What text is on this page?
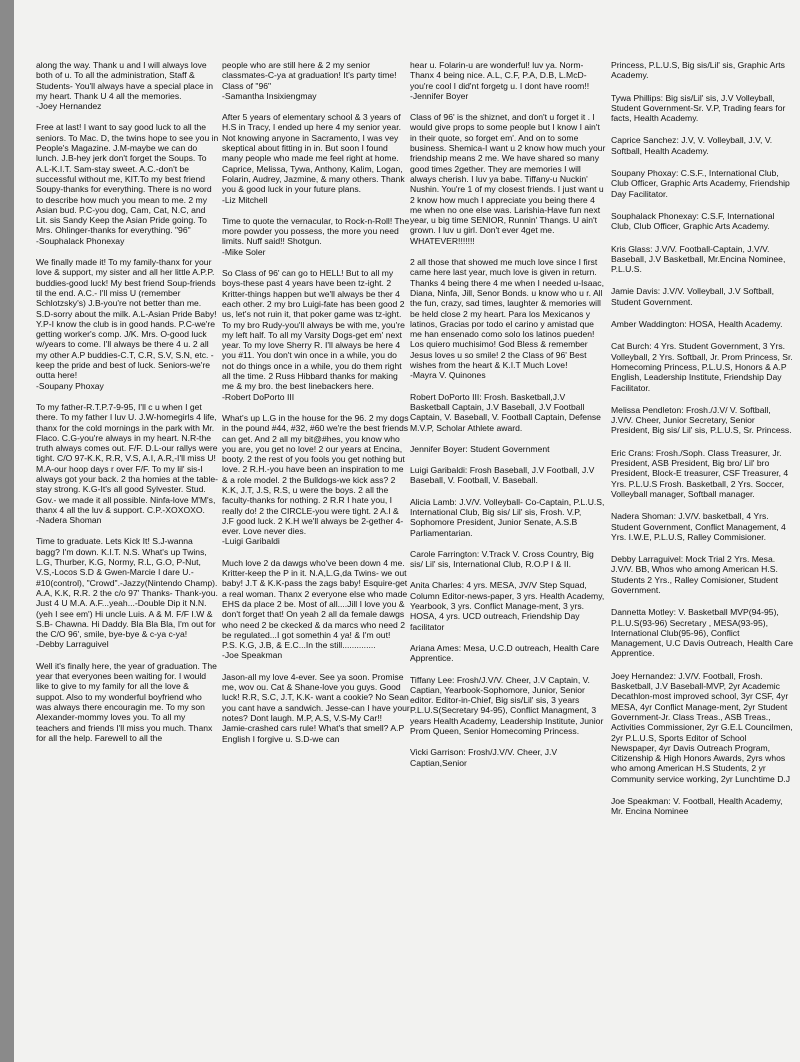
along the way. Thank u and I will always love both of u. To all the administration, Staff & Students- You'll always have a special place in my heart. Thank U 4 all the memories.
-Joey Hernandez

Free at last! I want to say good luck to all the seniors. To Mac. D, the twins hope to see you in People's Magazine. J.M-maybe we can do lunch. J.B-hey jerk don't forget the Soups. To A.L-K.I.T. Sam-stay sweet. A.C.-don't be successful without me, KIT.To my best friend Soupy-thanks for everything. There is no word to describe how much you mean to me. 2 my Asian bud. P.C-you dog, Cam, Cat, N.C, and Lit. sis Sandy Keep the Asian Pride going. To Mrs. Ohlinger-thanks for everything. "96"
-Souphalack Phonexay

We finally made it! To my family-thanx for your love & support, my sister and all her little A.P.P. buddies-good luck! My best friend Soup-friends til the end. A.C.- I'll miss U (remember Schlotzsky's) J.B-you're not better than me. S.D-sorry about the milk. A.L-Asian Pride Baby! Y.P-I know the club is in good hands. P.C-we're getting worker's comp. J/K. Mrs. O-good luck w/years to come. I'll always be there 4 u. 2 all my other A.P buddies-C.T, C.R, S.V, S.N, etc. -keep the pride and best of luck. Seniors-we're outta here!
-Soupany Phoxay

To my father-R.T.P.7-9-95, I'll c u when I get there. To my father I luv U. J.W-homegirls 4 life, thanx for the cold mornings in the park with Mr. Flaco. C.G-you're always in my heart. N.R-the truth always comes out. F/F. D.L-our rallys were tight. C/O 97-K.K, R.R, V.S, A.I, A.R,-I'll miss U! M.A-our hoop days r over F/F. To my lil' sis-I always got your back. 2 tha homies at the table-stay strong. K.G-It's all good Sylvester. Stud. Gov.- we made it all possible. Ninfa-love M'M's, thanx 4 all the luv & support. C.P.-XOXOXO.
-Nadera Shoman

Time to graduate. Lets Kick It! S.J-wanna bagg? I'm down. K.I.T. N.S. What's up Twins, L.G, Thurber, K.G, Normy, R.L, G.O, P-Nut, V.S,-Locos S.D & Gwen-Marcie I dare U.-#10(control), "Crowd".-Jazzy(Nintendo Champ). A.A, K.K, R.R. 2 the c/o 97' Thanks- Thank-you. Just 4 U M.A. A.F...yeah...-Double Dip it N.N. (yeh I see em') Hi uncle Luis. A & M. F/F I.W & S.B- Chawna. Hi Daddy. Bla Bla Bla, I'm out for the C/O 96', smile, bye-bye & c-ya c-ya!
-Debby Larraguivel

Well it's finally here, the year of graduation. The year that everyones been waiting for. I would like to give to my family for all the love & suppot. Also to my wonderful boyfriend who was always there encouragin me. To my son Alexander-mommy loves you. To all my teachers and friends I'll miss you much. Thanx for all the help. Farewell to all the

people who are still here & 2 my senior classmates-C-ya at graduation! It's party time! Class of "96"
-Samantha Insixiengmay

After 5 years of elementary school & 3 years of H.S in Tracy, I ended up here 4 my senior year. Not knowing anyone in Sacramento, I was vey skeptical about fitting in in. But soon I found many people who made me feel right at home. Caprice, Melissa, Tywa, Anthony, Kalim, Logan, Folarin, Audrey, Jazmine, & many others. Thank you & good luck in your future plans.
-Liz Mitchell

Time to quote the vernacular, to Rock-n-Roll! The more powder you possess, the more you need limits. Nuff said!! Shotgun.
-Mike Soler

So Class of 96' can go to HELL! But to all my boys-these past 4 years have been tz-ight. 2 Kritter-things happen but we'll always be ther 4 each other. 2 my bro Luigi-fate has been good 2 us, let's not ruin it, that poker game was tz-ight. To my bro Rudy-you'll always be with me, you're my left half. To all my Varsity Dogs-get em' next year. To my love Sherry R. I'll always be here 4 you #11. You don't win once in a while, you do not do things once in a while, you do them right all the time. 2 Russ Hibbard thanks for making me & my bro. the best linebackers here.
-Robert DoPorto III

What's up L.G in the house for the 96. 2 my dogs in the pound #44, #32, #60 we're the best friends can get. And 2 all my bit@#hes, you know who you are, you get no love! 2 our years at Encina, booty. 2 the rest of you fools you get nothing but love. 2 R.H.-you have been an inspiration to me & a role model. 2 the Bulldogs-we kick ass? 2 K.K, J.T, J.S, R.S, u were the boys. 2 all the faculty-thanks for nothing. 2 R.R I hate you, I really do! 2 the CIRCLE-you were tight. 2 A.I & J.F good luck. 2 K.H we'll always be 2-gether 4-ever. Love never dies.
-Luigi Garibaldi

Much love 2 da dawgs who've been down 4 me. Kritter-keep the P in it. N.A,L.G,da Twins- we out baby! J.T & K.K-pass the zags baby! Esquire-get a real woman. Thanx 2 everyone else who made EHS da place 2 be. Most of all....Jill I love you & don't forget that! On yeah 2 all da female dawgs who need 2 be ckecked & da marcs who need 2 be regulated...I got somethin 4 ya! & I'm out!
P.S. K.G, J.B, & E.C...In the still..............
-Joe Speakman

Jason-all my love 4-ever. See ya soon. Promise me, wov ou. Cat & Shane-love you guys. Good luck! R.R, S.C, J.T, K.K- want a cookie? No Sean you cant have a sandwich. Jesse-can I have your notes? Dont laugh. M.P, A.S, V.S-My Car!! Jamie-crashed cars rule! What's that smell? A.P English I forgive u. S.D-we can

hear u. Folarin-u are wonderful! luv ya. Norm-Thanx 4 being nice. A.L, C.F, P.A, D.B, L.McD-you're cool I did'nt forgetg u. I dont have room!!
-Jennifer Boyer

Class of 96' is the shiznet, and don't u forget it . I would give props to some people but I know I ain't in their quote, so forget em'. And on to some business. Shemica-I want u 2 know how much your friendship means 2 me. We have shared so many good times 2gether. They are memories I will always cherish. I luv ya babe. Tiffany-u Nuckin' Nushin. You're 1 of my closest friends. I just want u 2 know how much I appreciate you being there 4 me when no one else was. Larishia-Have fun next year, u big time SENIOR, Runnin' Thangs. U ain't grown. I luv u girl. Don't ever 4get me. WHATEVER!!!!!!!

2 all those that showed me much love since I first came here last year, much love is given in return. Thanks 4 being there 4 me when I needed u-Isaac, Diana, Ninfa, Jill, Senor Bonds. u know who u r. All the fun, crazy, sad times, laughter & memories will be held close 2 my heart. Para los Mexicanos y latinos, Gracias por todo el carino y amistad que me han ensenado como solo los latinos pueden! Los quiero muchisimo! God Bless & remember Jesus loves u so smile! 2 the Class of 96' Best wishes from the heart & K.I.T Much Love!
-Mayra V. Quinones

Robert DoPorto III: Frosh. Basketball,J.V Basketball Captain, J.V Baseball, J.V Football Captain, V. Baseball, V. Football Captain, Defense M.V.P, Scholar Athlete award.

Jennifer Boyer: Student Government

Luigi Garibaldi: Frosh Baseball, J.V Football, J.V Baseball, V. Football, V. Baseball.

Alicia Lamb: J.V/V. Volleyball- Co-Captain, P.L.U.S, International Club, Big sis/ Lil' sis, Frosh. V.P, Sophomore President, Junior Senate, A.S.B Parliamentarian.

Carole Farrington: V.Track V. Cross Country, Big sis/ Lil' sis, International Club, R.O.P I & II.

Anita Charles: 4 yrs. MESA, JV/V Step Squad, Column Editor-news-paper, 3 yrs. Health Academy, Yearbook, 3 yrs. Conflict Manage-ment, 3 yrs. HOSA, 4 yrs. UCD outreach, Friendship Day facilitator

Ariana Ames: Mesa, U.C.D outreach, Health Care Apprentice.

Tiffany Lee: Frosh/J.V/V. Cheer, J.V Captain, V. Captian, Yearbook-Sophomore, Junior, Senior editor. Editor-in-Chief, Big sis/Lil' sis, 3 years P.L.U.S(Secretary 94-95), Conflict Managment, 3 years Health Academy, Leadership Institute, Junior Prom Queen, Senior Homecoming Princess.

Vicki Garrison: Frosh/J.V/V. Cheer, J.V Captian,Senior

Princess, P.L.U.S, Big sis/Lil' sis, Graphic Arts Academy.

Tywa Phillips: Big sis/Lil' sis, J.V Volleyball, Student Government-Sr. V.P, Trading fears for facts, Health Academy.

Caprice Sanchez: J.V, V. Volleyball, J.V, V. Softball, Health Academy.

Soupany Phoxay: C.S.F., International Club, Club Officer, Graphic Arts Academy, Friendship Day Facilitator.

Souphalack Phonexay: C.S.F, International Club, Club Officer, Graphic Arts Academy.

Kris Glass: J.V/V. Football-Captain, J.V/V. Baseball, J.V Basketball, Mr.Encina Nominee, P.L.U.S.

Jamie Davis: J.V/V. Volleyball, J.V Softball, Student Government.

Amber Waddington: HOSA, Health Academy.

Cat Burch: 4 Yrs. Student Government, 3 Yrs. Volleyball, 2 Yrs. Softball, Jr. Prom Princess, Sr. Homecoming Princess, P.L.U.S, Honors & A.P English, Leadership Institute, Friendship Day Facilitator.

Melissa Pendleton: Frosh./J.V/ V. Softball, J.V/V. Cheer, Junior Secretary, Senior President, Big sis/ Lil' sis, P.L.U.S, Sr. Princess.

Eric Crans: Frosh./Soph. Class Treasurer, Jr. President, ASB President, Big bro/ Lil' bro President, Block-E treasurer, CSF Treasurer, 4 Yrs. P.L.U.S Frosh. Basketball, 2 Yrs. Soccer, Volleyball manager, Softball manager.

Nadera Shoman: J.V/V. basketball, 4 Yrs. Student Government, Conflict Management, 4 Yrs. I.W.E, P.L.U.S, Ralley Commisioner.

Debby Larraguivel: Mock Trial 2 Yrs. Mesa. J.V/V. BB, Whos who among American H.S. Students 2 Yrs., Ralley Comisioner, Student Government.

Dannetta Motley: V. Basketball MVP(94-95), P.L.U.S(93-96) Secretary , MESA(93-95), International Club(95-96), Conflict Management, U.C Davis Outreach, Health Care Apprentice.

Joey Hernandez: J.V/V. Football, Frosh. Basketball, J.V Baseball-MVP, 2yr Academic Decathlon-most improved school, 3yr CSF, 4yr MESA, 4yr Conflict Manage-ment, 2yr Student Government-Jr. Class Treas., ASB Treas., Activities Commissioner, 2yr G.E.L Councilmen, 2yr P.L.U.S, Sports Editor of School Newspaper, 4yr Davis Outreach Program, Citizenship & High Honors Awards, 2yrs whos who among American H.S Students, 2 yr Community service working, 2yr Lunchtime D.J

Joe Speakman: V. Football, Health Academy, Mr. Encina Nominee
